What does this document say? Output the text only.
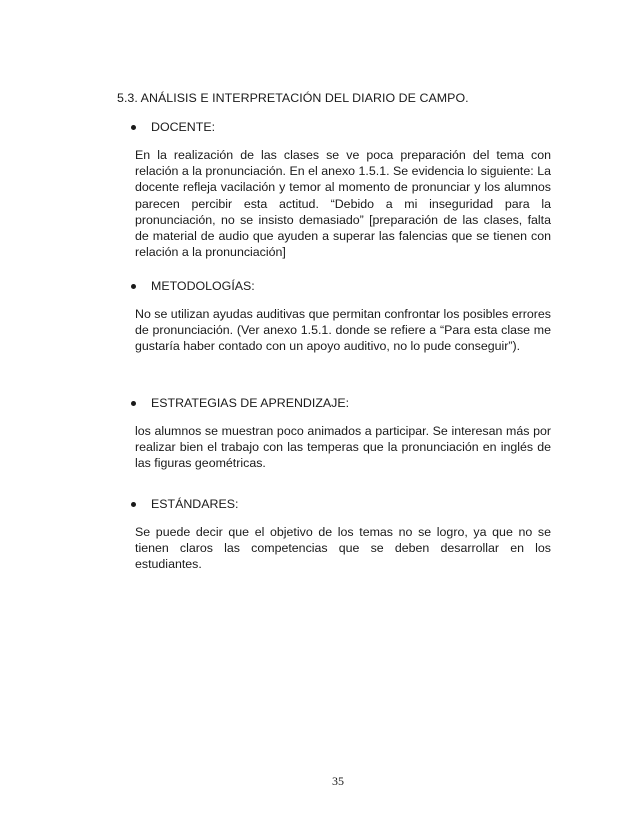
5.3. ANÁLISIS E INTERPRETACIÓN DEL DIARIO DE CAMPO.
DOCENTE:

En la realización de las clases se ve poca preparación del tema con relación a la pronunciación. En el anexo 1.5.1. Se evidencia lo siguiente: La docente refleja vacilación y temor al momento de pronunciar y los alumnos parecen percibir esta actitud. “Debido a mi inseguridad para la pronunciación, no se insisto demasiado” [preparación de las clases, falta de material de audio que ayuden a superar las falencias que se tienen con relación a la pronunciación]

METODOLOGÍAS:

No se utilizan ayudas auditivas que permitan confrontar los posibles errores de pronunciación. (Ver anexo 1.5.1. donde se refiere a “Para esta clase me gustaría haber contado con un apoyo auditivo, no lo pude conseguir”).

ESTRATEGIAS DE APRENDIZAJE:

los alumnos se muestran poco animados a participar. Se interesan más por realizar bien el trabajo con las temperas que la pronunciación en inglés de las figuras geométricas.

ESTÁNDARES:

Se puede decir que el objetivo de los temas no se logro, ya que no se tienen claros las competencias que se deben desarrollar en los estudiantes.

35
